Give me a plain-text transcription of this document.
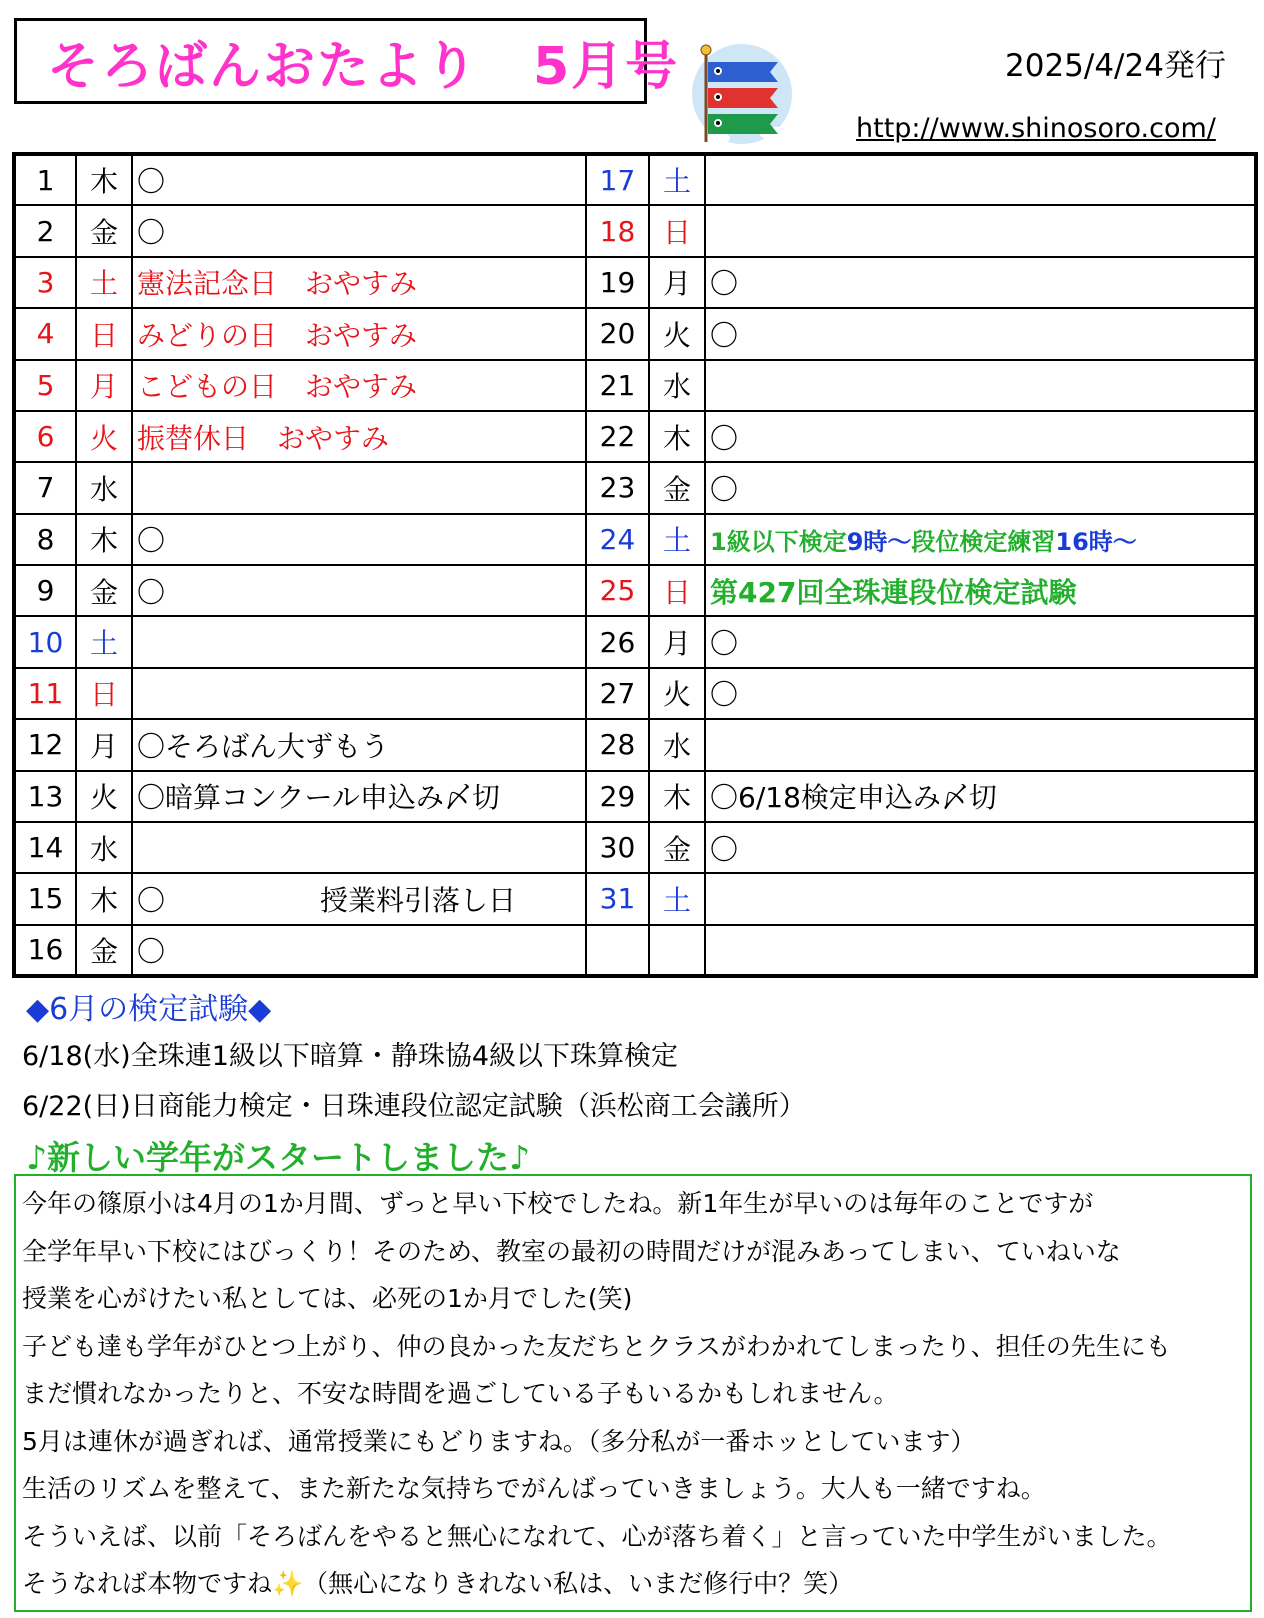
そろばんおたより　5月号	2025/4/24発行
http://www.shinosoro.com/
1	木	〇	17	土	
2	金	〇	18	日	
3	土	憲法記念日　おやすみ	19	月	〇
4	日	みどりの日　おやすみ	20	火	〇
5	月	こどもの日　おやすみ	21	水	
6	火	振替休日　おやすみ	22	木	〇
7	水		23	金	〇
8	木	〇	24	土	1級以下検定9時～段位検定練習16時～
9	金	〇	25	日	第427回全珠連段位検定試験
10	土		26	月	〇
11	日		27	火	〇
12	月	〇そろばん大ずもう	28	水	
13	火	〇暗算コンクール申込み〆切	29	木	〇6/18検定申込み〆切
14	水		30	金	〇
15	木	〇 授業料引落し日	31	土	
16	金	〇			
◆6月の検定試験◆
6/18(水)全珠連1級以下暗算・静珠協4級以下珠算検定
6/22(日)日商能力検定・日珠連段位認定試験（浜松商工会議所）
♪新しい学年がスタートしました♪
今年の篠原小は4月の1か月間、ずっと早い下校でしたね。新1年生が早いのは毎年のことですが
全学年早い下校にはびっくり！そのため、教室の最初の時間だけが混みあってしまい、ていねいな
授業を心がけたい私としては、必死の1か月でした(笑)
子ども達も学年がひとつ上がり、仲の良かった友だちとクラスがわかれてしまったり、担任の先生にも
まだ慣れなかったりと、不安な時間を過ごしている子もいるかもしれません。
5月は連休が過ぎれば、通常授業にもどりますね。（多分私が一番ホッとしています）
生活のリズムを整えて、また新たな気持ちでがんばっていきましょう。大人も一緒ですね。
そういえば、以前「そろばんをやると無心になれて、心が落ち着く」と言っていた中学生がいました。
そうなれば本物ですね✨（無心になりきれない私は、いまだ修行中？笑）
